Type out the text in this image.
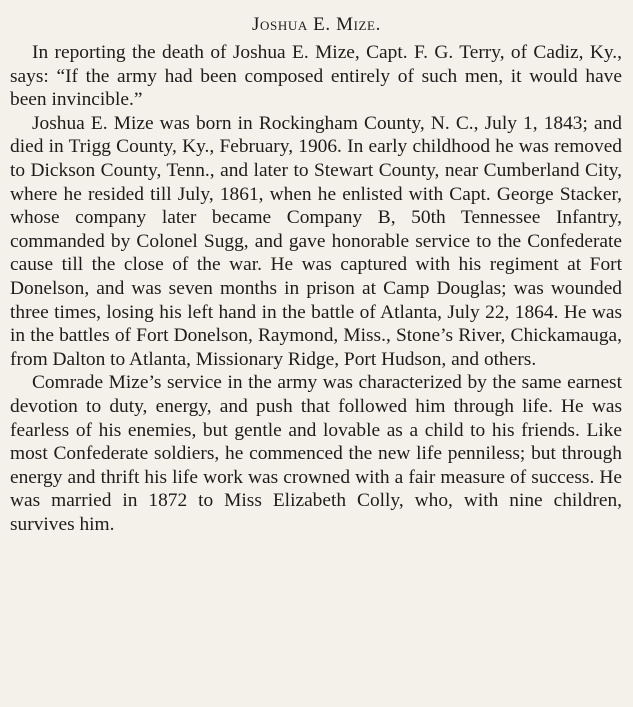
Joshua E. Mize.

In reporting the death of Joshua E. Mize, Capt. F. G. Terry, of Cadiz, Ky., says: “If the army had been composed entirely of such men, it would have been invincible.”

Joshua E. Mize was born in Rockingham County, N. C., July 1, 1843; and died in Trigg County, Ky., February, 1906. In early childhood he was removed to Dickson County, Tenn., and later to Stewart County, near Cumberland City, where he resided till July, 1861, when he enlisted with Capt. George Stacker, whose company later became Company B, 50th Tennessee Infantry, commanded by Colonel Sugg, and gave honorable service to the Confederate cause till the close of the war. He was captured with his regiment at Fort Donelson, and was seven months in prison at Camp Douglas; was wounded three times, losing his left hand in the battle of Atlanta, July 22, 1864. He was in the battles of Fort Donelson, Raymond, Miss., Stone’s River, Chickamauga, from Dalton to Atlanta, Missionary Ridge, Port Hudson, and others.

Comrade Mize’s service in the army was characterized by the same earnest devotion to duty, energy, and push that followed him through life. He was fearless of his enemies, but gentle and lovable as a child to his friends. Like most Confederate soldiers, he commenced the new life penniless; but through energy and thrift his life work was crowned with a fair measure of success. He was married in 1872 to Miss Elizabeth Colly, who, with nine children, survives him.
